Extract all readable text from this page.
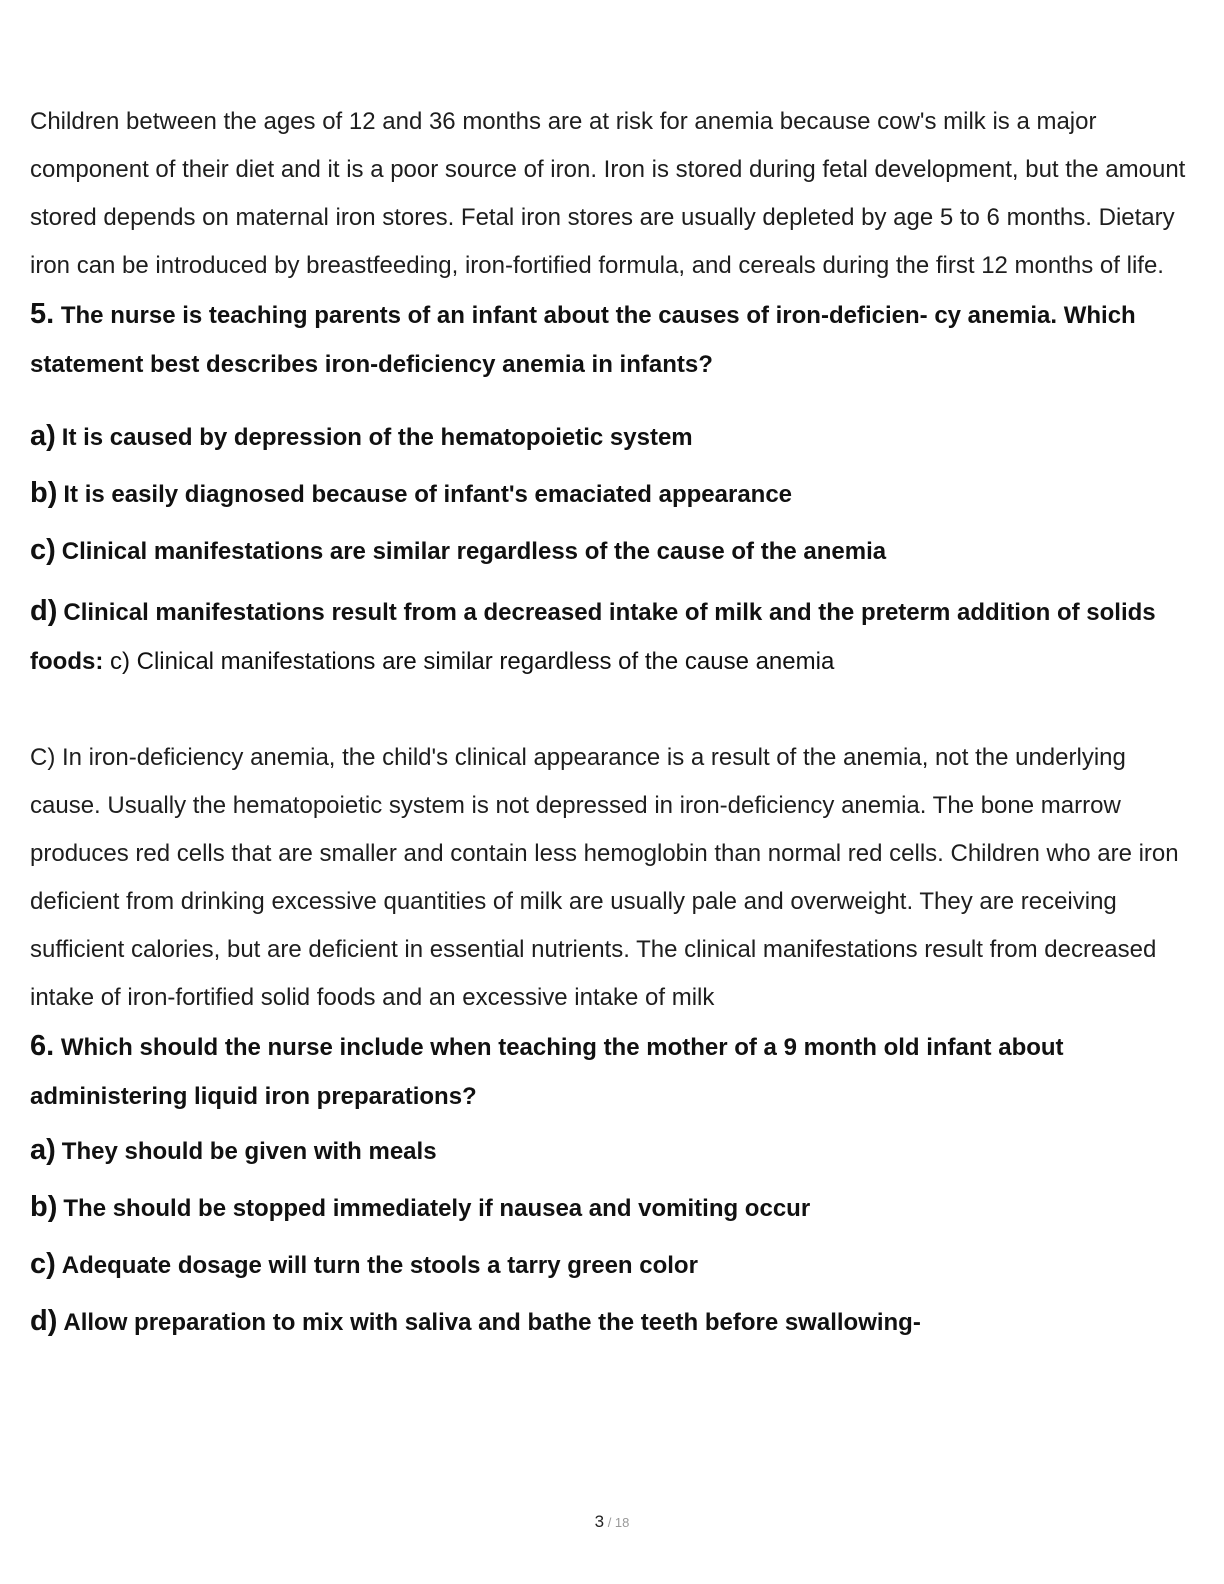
Children between the ages of 12 and 36 months are at risk for anemia because cow's milk is a major component of their diet and it is a poor source of iron. Iron is stored during fetal development, but the amount stored depends on maternal iron stores. Fetal iron stores are usually depleted by age 5 to 6 months. Dietary iron can be introduced by breastfeeding, iron-fortified formula, and cereals during the first 12 months of life.

5. The nurse is teaching parents of an infant about the causes of iron-deficien- cy anemia. Which statement best describes iron-deficiency anemia in infants?

a) It is caused by depression of the hematopoietic system

b) It is easily diagnosed because of infant's emaciated appearance

c) Clinical manifestations are similar regardless of the cause of the anemia

d) Clinical manifestations result from a decreased intake of milk and the preterm addition of solids foods: c) Clinical manifestations are similar regardless of the cause anemia

C) In iron-deficiency anemia, the child's clinical appearance is a result of the anemia, not the underlying cause. Usually the hematopoietic system is not depressed in iron-deficiency anemia. The bone marrow produces red cells that are smaller and contain less hemoglobin than normal red cells. Children who are iron deficient from drinking excessive quantities of milk are usually pale and overweight. They are receiving sufficient calories, but are deficient in essential nutrients. The clinical manifestations result from decreased intake of iron-fortified solid foods and an excessive intake of milk

6. Which should the nurse include when teaching the mother of a 9 month old infant about administering liquid iron preparations?

a) They should be given with meals

b) The should be stopped immediately if nausea and vomiting occur

c) Adequate dosage will turn the stools a tarry green color

d) Allow preparation to mix with saliva and bathe the teeth before swallowing-

3 / 18
